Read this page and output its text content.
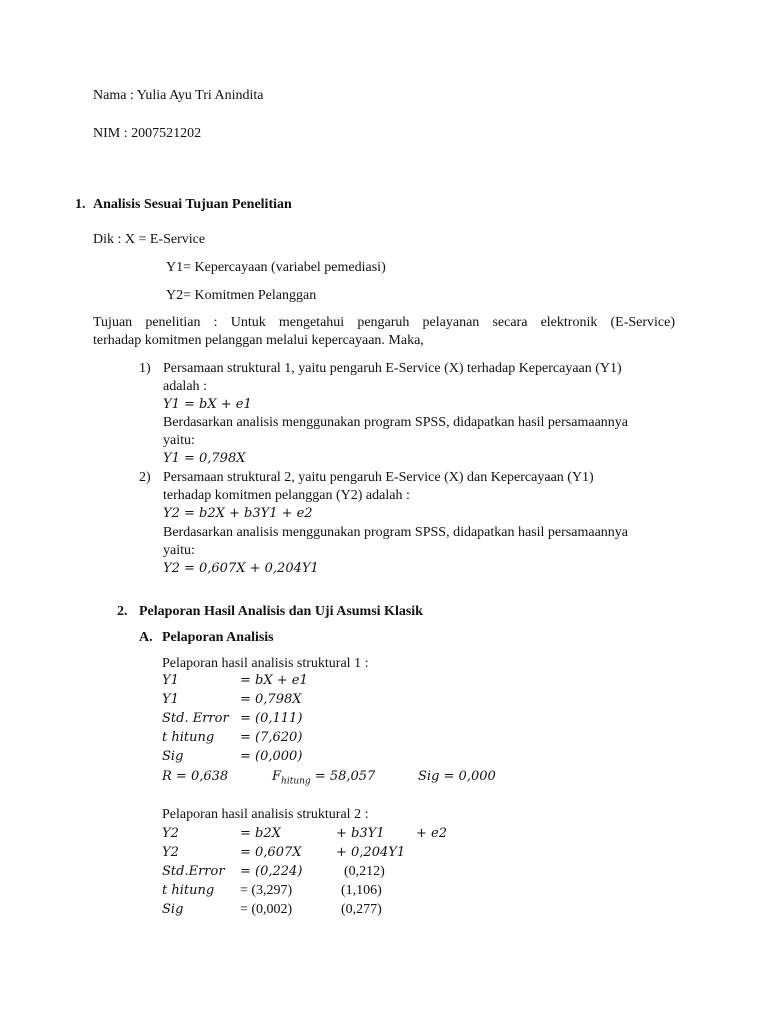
Nama : Yulia Ayu Tri Anindita
NIM : 2007521202
1. Analisis Sesuai Tujuan Penelitian
Dik : X = E-Service
Y1= Kepercayaan (variabel pemediasi)
Y2= Komitmen Pelanggan
Tujuan penelitian : Untuk mengetahui pengaruh pelayanan secara elektronik (E-Service)
terhadap komitmen pelanggan melalui kepercayaan. Maka,
1) Persamaan struktural 1, yaitu pengaruh E-Service (X) terhadap Kepercayaan (Y1)
adalah :
Y1 = bX + e1
Berdasarkan analisis menggunakan program SPSS, didapatkan hasil persamaannya
yaitu:
Y1 = 0,798X
2) Persamaan struktural 2, yaitu pengaruh E-Service (X) dan Kepercayaan (Y1)
terhadap komitmen pelanggan (Y2) adalah :
Y2 = b2X + b3Y1 + e2
Berdasarkan analisis menggunakan program SPSS, didapatkan hasil persamaannya
yaitu:
Y2 = 0,607X + 0,204Y1
2. Pelaporan Hasil Analisis dan Uji Asumsi Klasik
A. Pelaporan Analisis
Pelaporan hasil analisis struktural 1 :
Y1	= bX + e1
Y1	= 0,798X
Std. Error = (0,111)
t hitung = (7,620)
Sig	= (0,000)
R = 0,638	$F_{hitung} = 58,057$	Sig = 0,000
Pelaporan hasil analisis struktural 2 :
Y2	= b2X	+ b3Y1 + e2
Y2	= 0,607X	+ 0,204Y1
Std.Error = (0,224)	(0,212)
t hitung = (3,297)	(1,106)
Sig	= (0,002)	(0,277)
